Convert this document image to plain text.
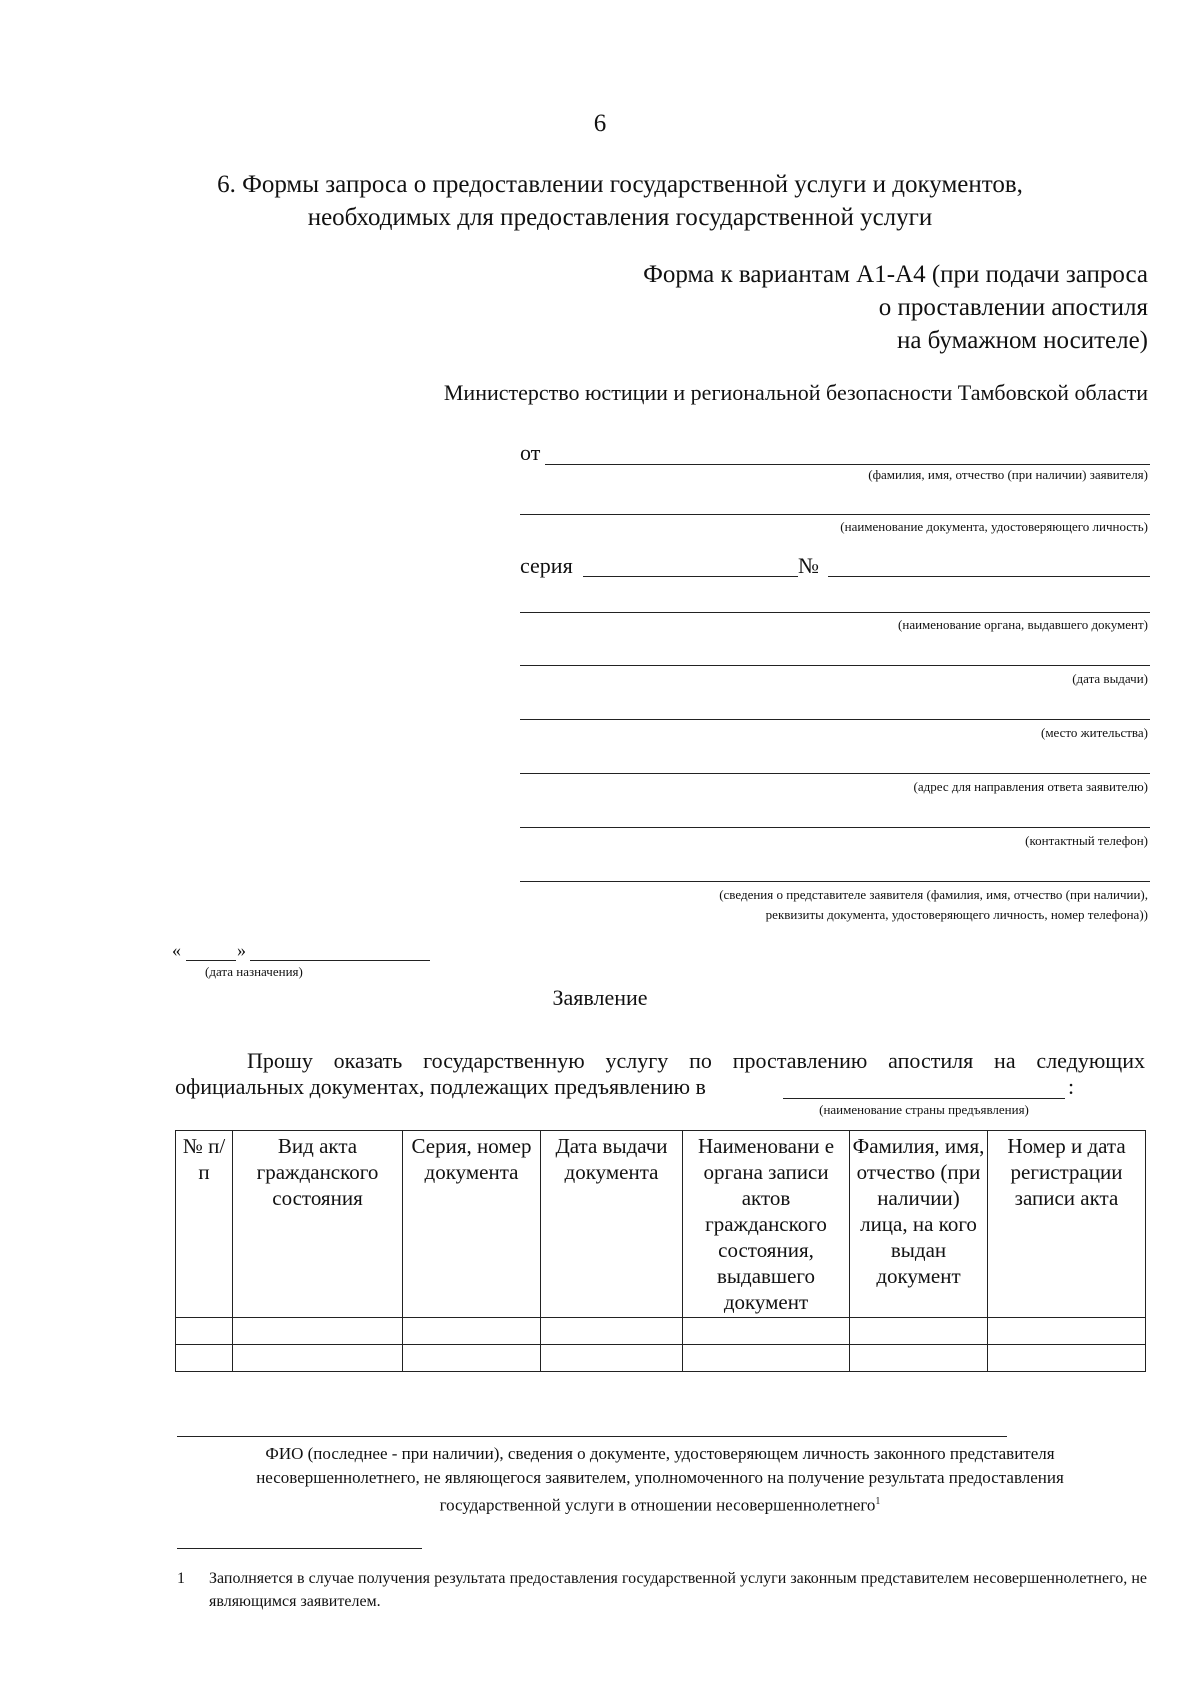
6
6. Формы запроса о предоставлении государственной услуги и документов,
необходимых для предоставления государственной услуги
Форма к вариантам А1-А4 (при подачи запроса
о проставлении апостиля
на бумажном носителе)
Министерство юстиции и региональной безопасности Тамбовской области
от
(фамилия, имя, отчество (при наличии) заявителя)
(наименование документа, удостоверяющего личность)
серия	№
(наименование органа, выдавшего документ)
(дата выдачи)
(место жительства)
(адрес для направления ответа заявителю)
(контактный телефон)
(сведения о представителе заявителя (фамилия, имя, отчество (при наличии),
реквизиты документа, удостоверяющего личность, номер телефона))
«	»
(дата назначения)
Заявление
Прошу оказать государственную услугу по проставлению апостиля на следующих
официальных документах, подлежащих предъявлению в	:
(наименование страны предъявления)
№ п/п	Вид акта гражданского состояния	Серия, номер документа	Дата выдачи документа	Наименовани е органа записи актов гражданского состояния, выдавшего документ	Фамилия, имя, отчество (при наличии) лица, на кого выдан документ	Номер и дата регистрации записи акта

ФИО (последнее - при наличии), сведения о документе, удостоверяющем личность законного представителя
несовершеннолетнего, не являющегося заявителем, уполномоченного на получение результата предоставления
государственной услуги в отношении несовершеннолетнего$^1$
1 Заполняется в случае получения результата предоставления государственной услуги законным представителем несовершеннолетнего, не являющимся заявителем.
